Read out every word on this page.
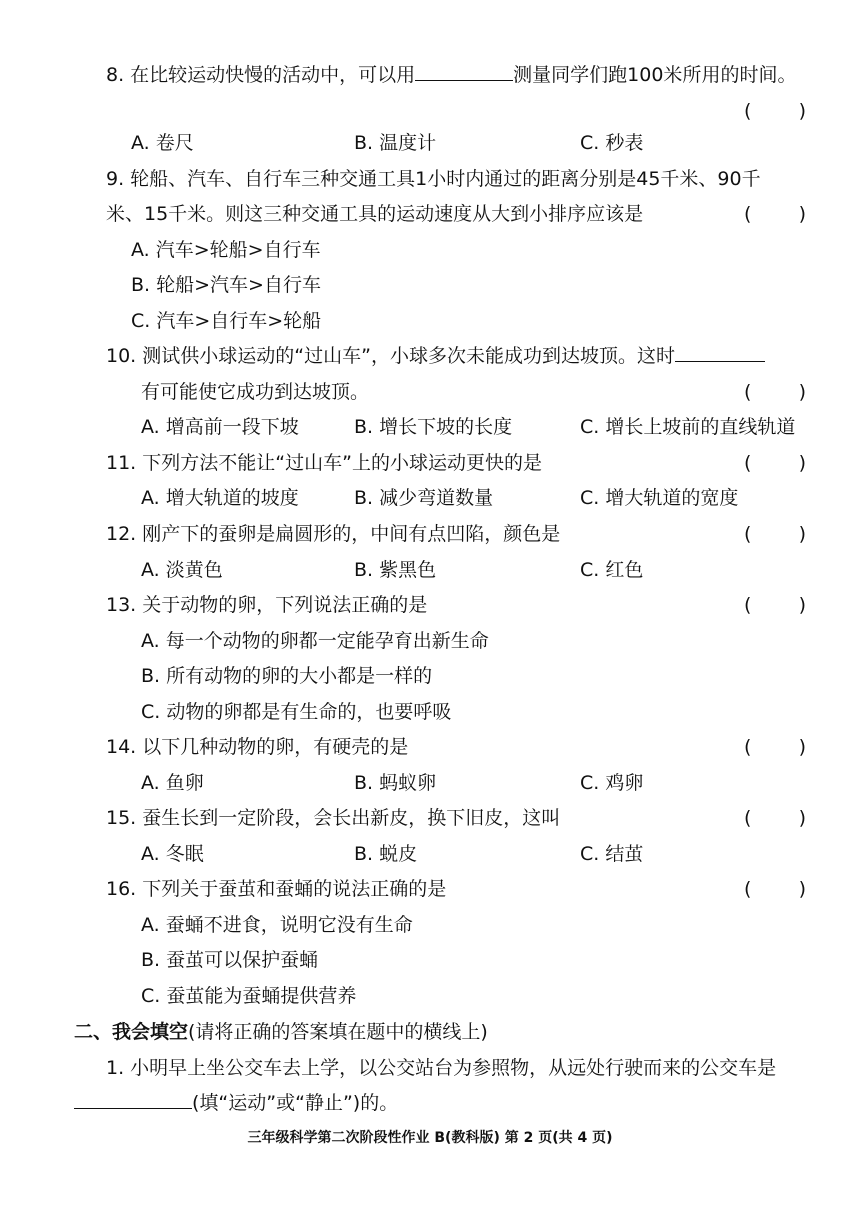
8. 在比较运动快慢的活动中，可以用	测量同学们跑100米所用的时间。
( )
A. 卷尺	B. 温度计	C. 秒表
9. 轮船、汽车、自行车三种交通工具1小时内通过的距离分别是45千米、90千
米、15千米。则这三种交通工具的运动速度从大到小排序应该是	( )
A. 汽车>轮船>自行车
B. 轮船>汽车>自行车
C. 汽车>自行车>轮船
10. 测试供小球运动的“过山车”，小球多次未能成功到达坡顶。这时
有可能使它成功到达坡顶。	( )
A. 增高前一段下坡	B. 增长下坡的长度	C. 增长上坡前的直线轨道
11. 下列方法不能让“过山车”上的小球运动更快的是	( )
A. 增大轨道的坡度	B. 减少弯道数量	C. 增大轨道的宽度
12. 刚产下的蚕卵是扁圆形的，中间有点凹陷，颜色是	( )
A. 淡黄色	B. 紫黑色	C. 红色
13. 关于动物的卵，下列说法正确的是	( )
A. 每一个动物的卵都一定能孕育出新生命
B. 所有动物的卵的大小都是一样的
C. 动物的卵都是有生命的，也要呼吸
14. 以下几种动物的卵，有硬壳的是	( )
A. 鱼卵	B. 蚂蚁卵	C. 鸡卵
15. 蚕生长到一定阶段，会长出新皮，换下旧皮，这叫	( )
A. 冬眠	B. 蜕皮	C. 结茧
16. 下列关于蚕茧和蚕蛹的说法正确的是	( )
A. 蚕蛹不进食，说明它没有生命
B. 蚕茧可以保护蚕蛹
C. 蚕茧能为蚕蛹提供营养
二、我会填空(请将正确的答案填在题中的横线上)
1. 小明早上坐公交车去上学，以公交站台为参照物，从远处行驶而来的公交车是
(填“运动”或“静止”)的。
三年级科学第二次阶段性作业 B(教科版) 第 2 页(共 4 页)
